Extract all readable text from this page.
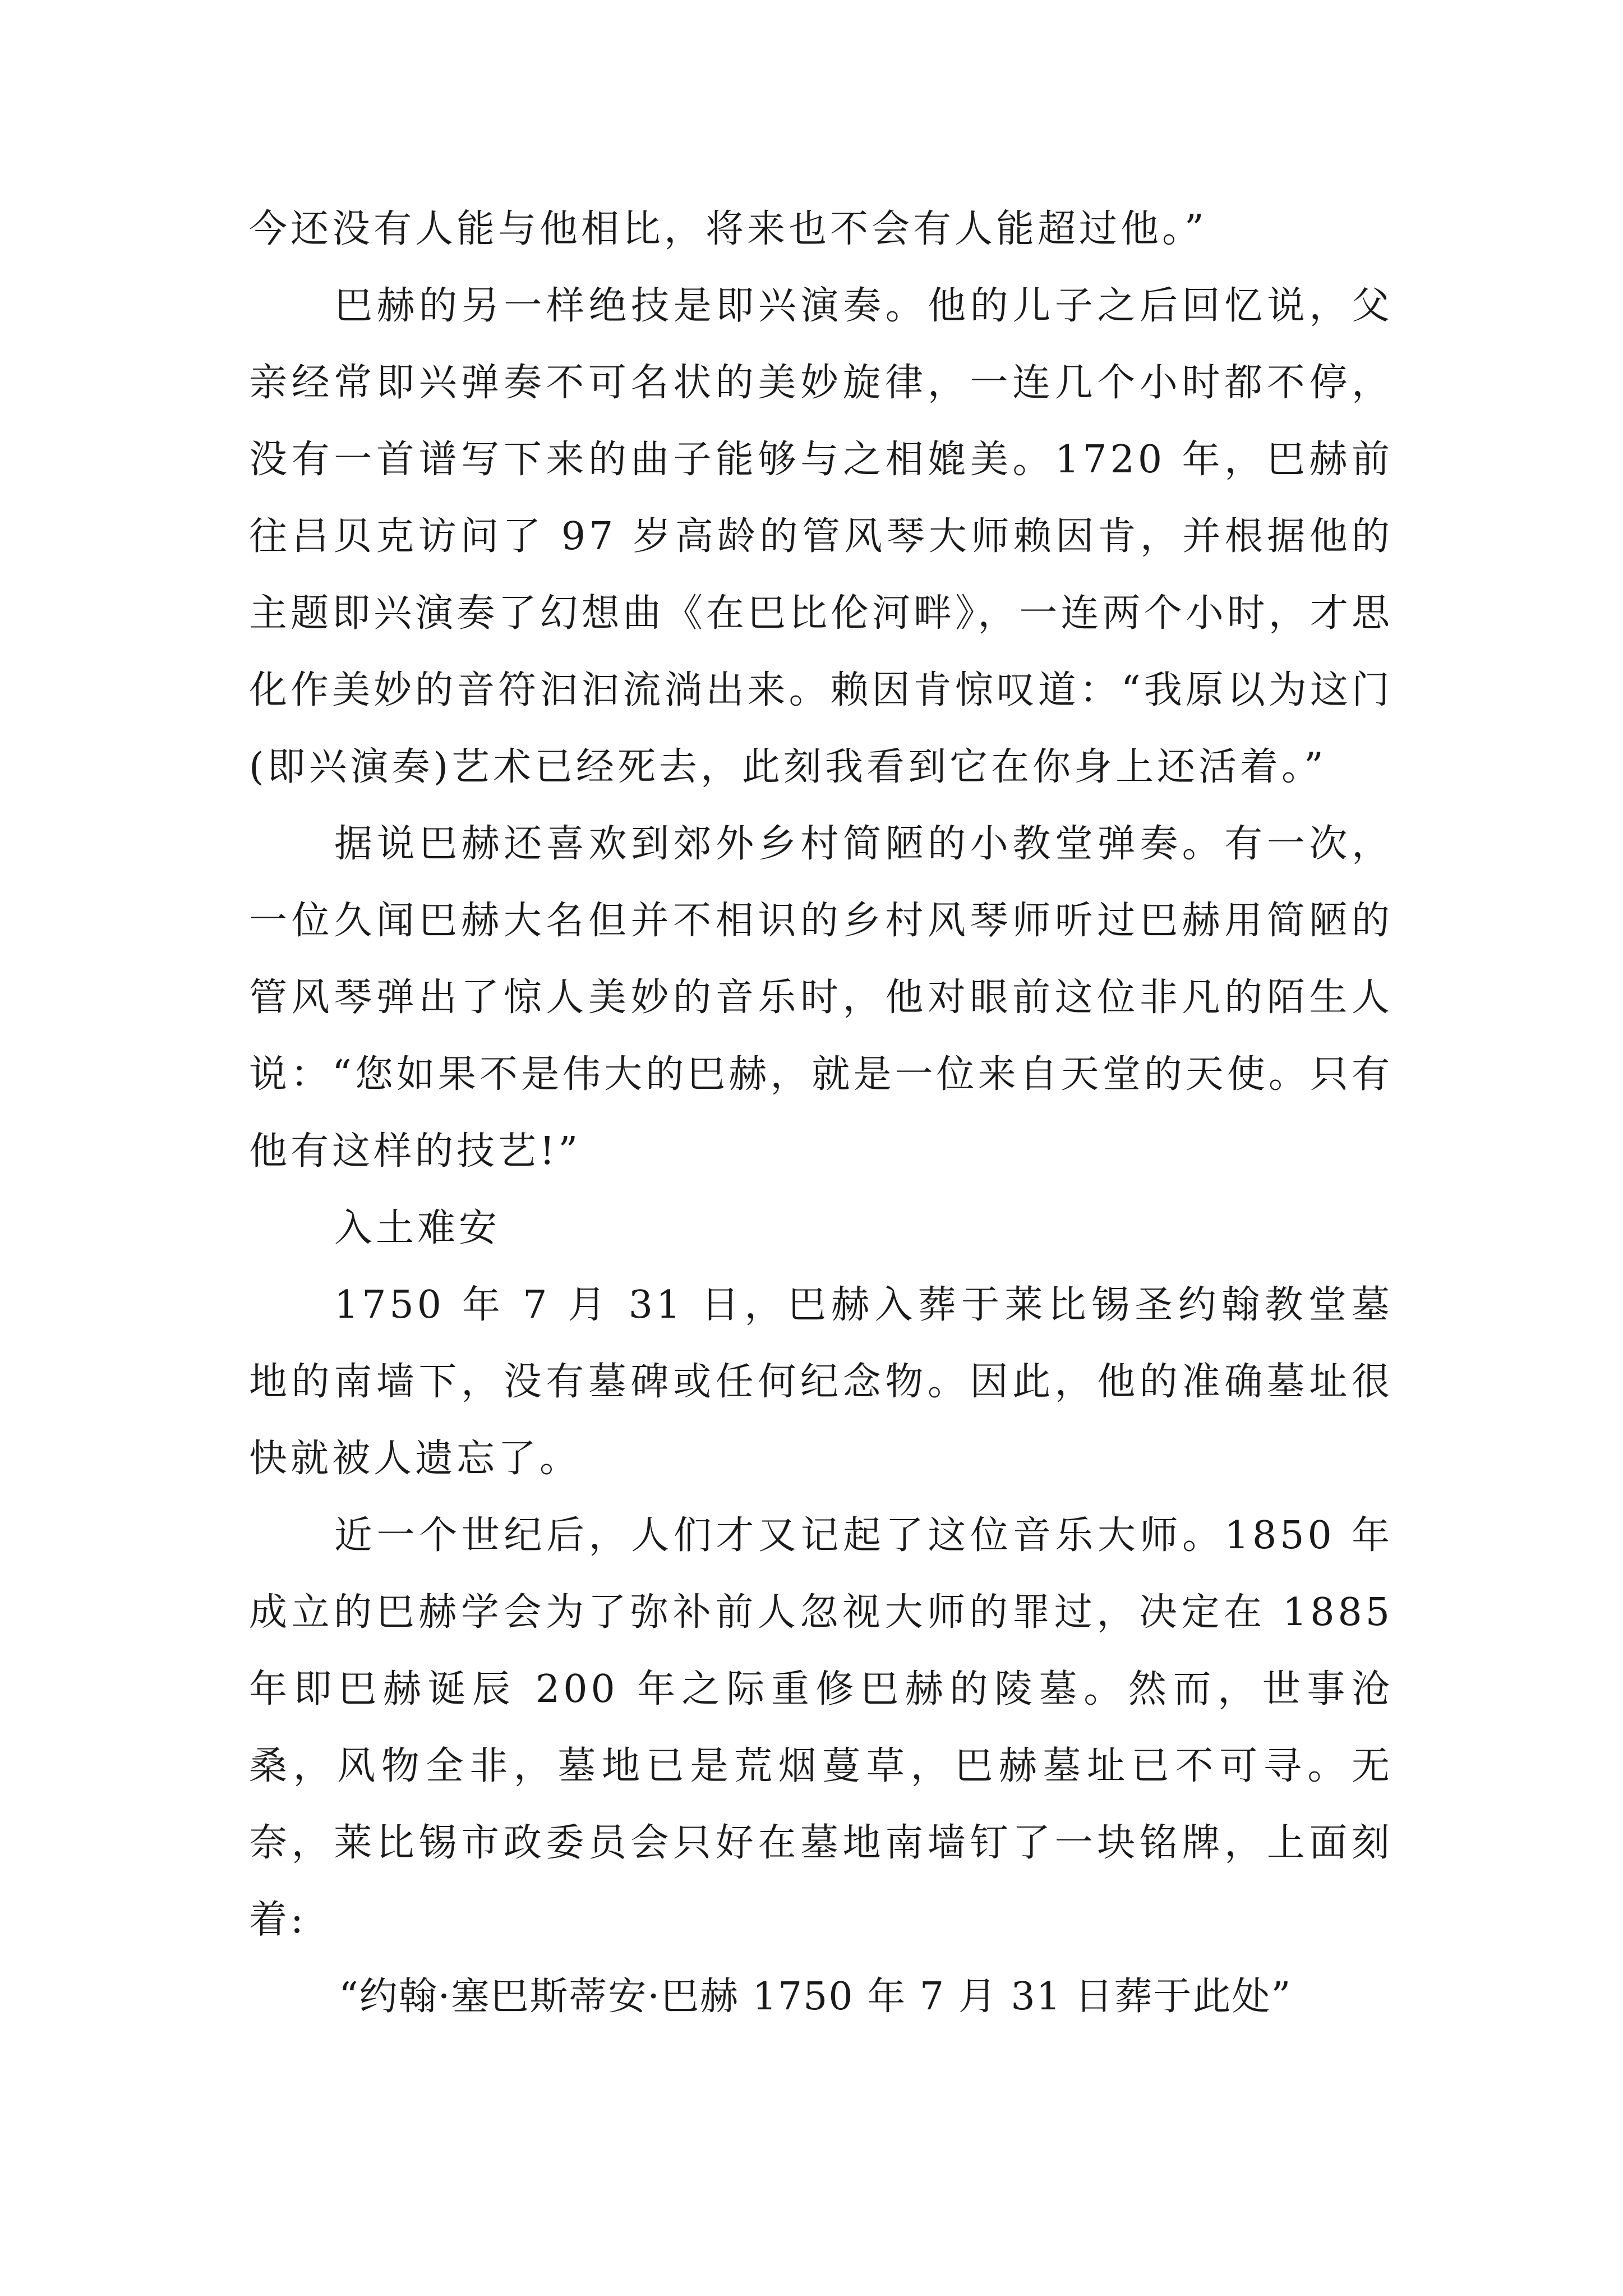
今还没有人能与他相比，将来也不会有人能超过他。”

巴赫的另一样绝技是即兴演奏。他的儿子之后回忆说，父亲经常即兴弹奏不可名状的美妙旋律，一连几个小时都不停，没有一首谱写下来的曲子能够与之相媲美。1720 年，巴赫前往吕贝克访问了 97 岁高龄的管风琴大师赖因肯，并根据他的主题即兴演奏了幻想曲《在巴比伦河畔》，一连两个小时，才思化作美妙的音符汩汩流淌出来。赖因肯惊叹道：“我原以为这门(即兴演奏)艺术已经死去，此刻我看到它在你身上还活着。”

据说巴赫还喜欢到郊外乡村简陋的小教堂弹奏。有一次，一位久闻巴赫大名但并不相识的乡村风琴师听过巴赫用简陋的管风琴弹出了惊人美妙的音乐时，他对眼前这位非凡的陌生人说：“您如果不是伟大的巴赫，就是一位来自天堂的天使。只有他有这样的技艺!”

入土难安

1750 年 7 月 31 日，巴赫入葬于莱比锡圣约翰教堂墓地的南墙下，没有墓碑或任何纪念物。因此，他的准确墓址很快就被人遗忘了。

近一个世纪后，人们才又记起了这位音乐大师。1850 年成立的巴赫学会为了弥补前人忽视大师的罪过，决定在 1885 年即巴赫诞辰 200 年之际重修巴赫的陵墓。然而，世事沧桑，风物全非，墓地已是荒烟蔓草，巴赫墓址已不可寻。无奈，莱比锡市政委员会只好在墓地南墙钉了一块铭牌，上面刻着:

“约翰·塞巴斯蒂安·巴赫 1750 年 7 月 31 日葬于此处”
